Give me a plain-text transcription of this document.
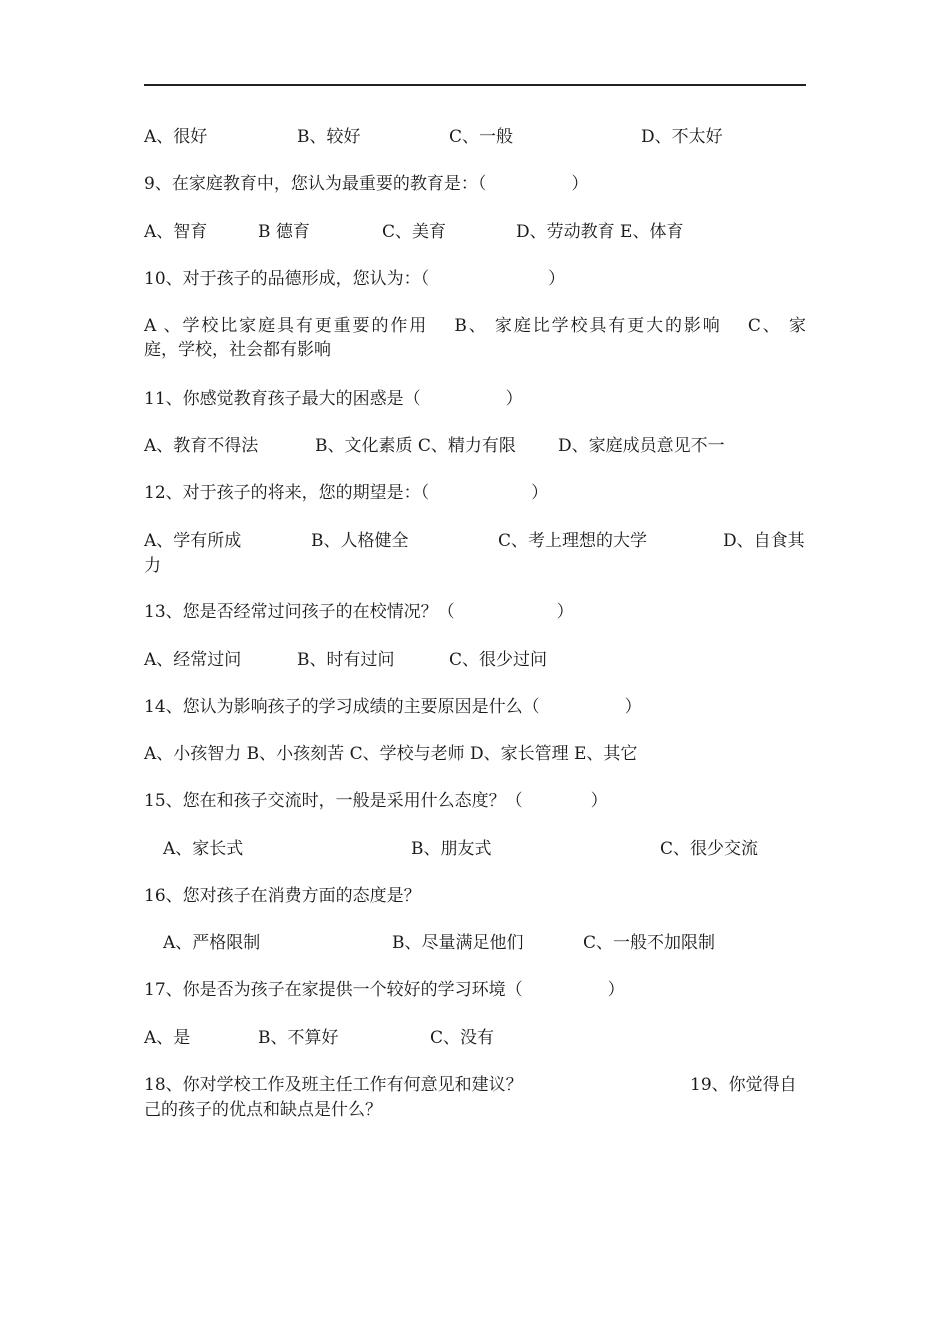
A、很好	B、较好	C、一般	D、不太好
9、在家庭教育中，您认为最重要的教育是：（　　　　　）
A、智育	B 德育	C、美育	D、劳动教育 E、体育
10、对于孩子的品德形成，您认为：（　　　　　　　）
A 、学校比家庭具有更重要的作用　 B、 家庭比学校具有更大的影响　 C、 家
庭，学校，社会都有影响
11、你感觉教育孩子最大的困惑是（　　　　　）
A、教育不得法	B、文化素质 C、精力有限 D、家庭成员意见不一
12、对于孩子的将来，您的期望是：（　　　　　　）
A、学有所成	B、人格健全	C、考上理想的大学	D、自食其
力
13、您是否经常过问孩子的在校情况？（　　　　　　）
A、经常过问	B、时有过问	C、很少过问
14、您认为影响孩子的学习成绩的主要原因是什么（　　　　　）
A、小孩智力 B、小孩刻苦 C、学校与老师 D、家长管理 E、其它
15、您在和孩子交流时，一般是采用什么态度？（　　　　）
A、家长式	B、朋友式	C、很少交流
16、您对孩子在消费方面的态度是？
A、严格限制	B、尽量满足他们	C、一般不加限制
17、你是否为孩子在家提供一个较好的学习环境（　　　　　）
A、是	B、不算好	C、没有
18、你对学校工作及班主任工作有何意见和建议？	19、你觉得自
己的孩子的优点和缺点是什么？
